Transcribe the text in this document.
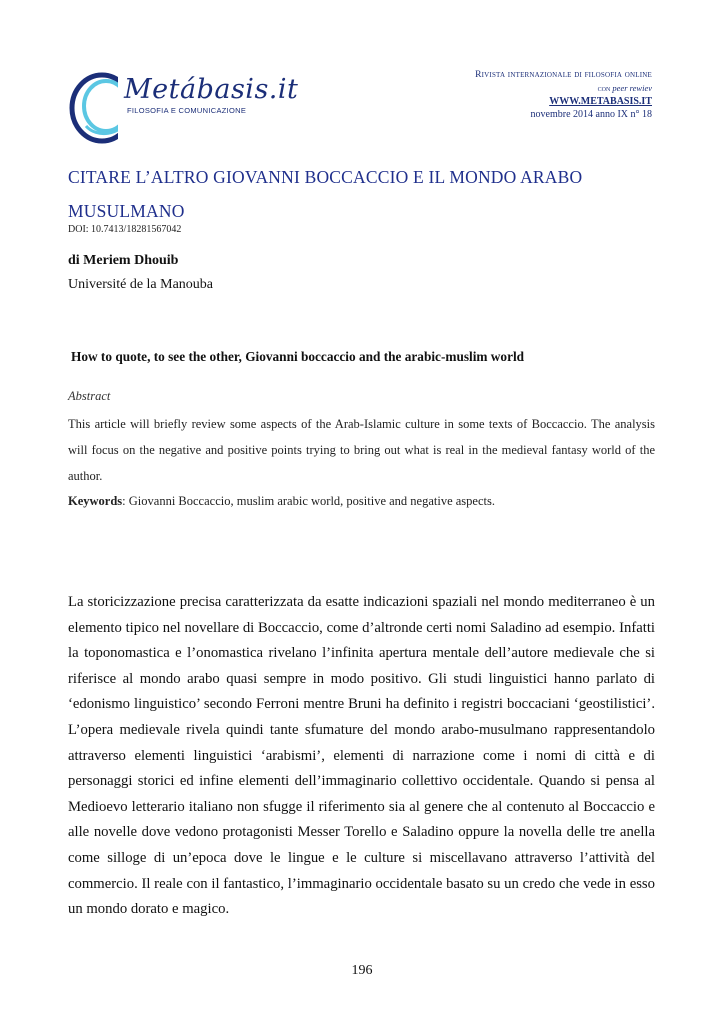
Metábasis.it
FILOSOFIA E COMUNICAZIONE
Rivista internazionale di filosofia online
con peer rewiev
WWW.METABASIS.IT
novembre 2014 anno IX n° 18
CITARE L’ALTRO GIOVANNI BOCCACCIO E IL MONDO ARABO
MUSULMANO
DOI: 10.7413/18281567042
di Meriem Dhouib
Université de la Manouba
How to quote, to see the other, Giovanni boccaccio and the arabic-muslim world
Abstract
This article will briefly review some aspects of the Arab-Islamic culture in some texts of Boccaccio. The analysis will focus on the negative and positive points trying to bring out what is real in the medieval fantasy world of the author.
Keywords: Giovanni Boccaccio, muslim arabic world, positive and negative aspects.
La storicizzazione precisa caratterizzata da esatte indicazioni spaziali nel mondo mediterraneo è un elemento tipico nel novellare di Boccaccio, come d’altronde certi nomi Saladino ad esempio. Infatti la toponomastica e l’onomastica rivelano l’infinita apertura mentale dell’autore medievale che si riferisce al mondo arabo quasi sempre in modo positivo. Gli studi linguistici hanno parlato di ‘edonismo linguistico’ secondo Ferroni mentre Bruni ha definito i registri boccaciani ‘geostilistici’. L’opera medievale rivela quindi tante sfumature del mondo arabo-musulmano rappresentandolo attraverso elementi linguistici ‘arabismi’, elementi di narrazione come i nomi di città e di personaggi storici ed infine elementi dell’immaginario collettivo occidentale. Quando si pensa al Medioevo letterario italiano non sfugge il riferimento sia al genere che al contenuto al Boccaccio e alle novelle dove vedono protagonisti Messer Torello e Saladino oppure la novella delle tre anella come silloge di un’epoca dove le lingue e le culture si miscellavano attraverso l’attività del commercio. Il reale con il fantastico, l’immaginario occidentale basato su un credo che vede in esso un mondo dorato e magico.
196
